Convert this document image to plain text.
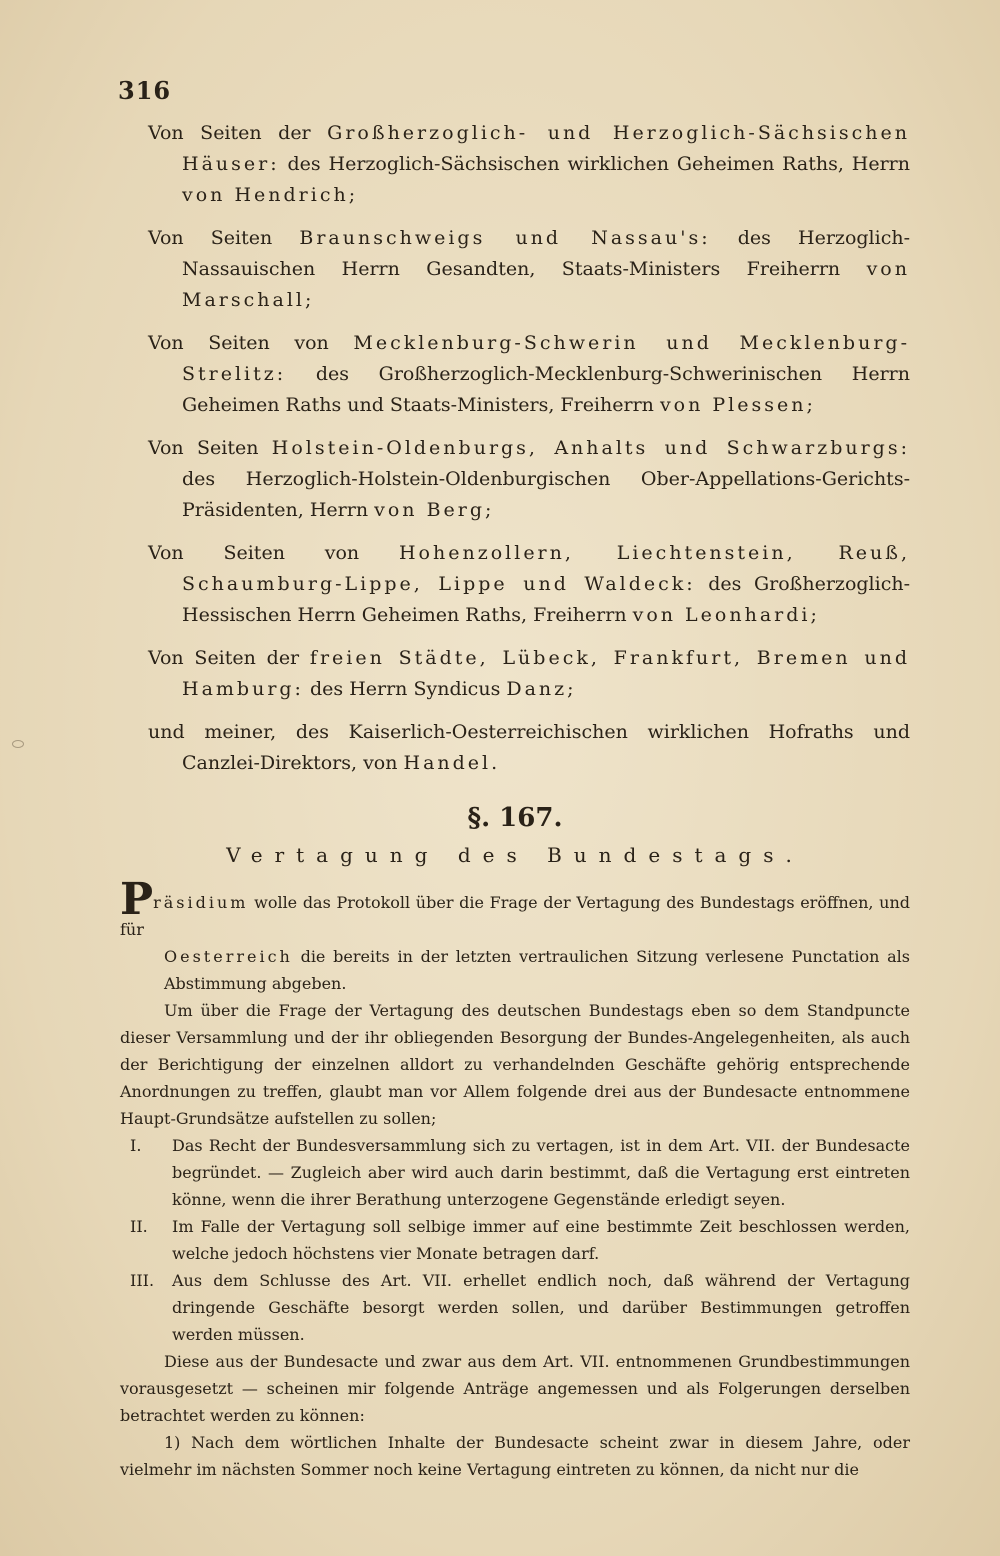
316

Von Seiten der Großherzoglich- und Herzoglich-Sächsischen Häuser: des Herzoglich-Sächsischen wirklichen Geheimen Raths, Herrn von Hendrich;

Von Seiten Braunschweigs und Nassau's: des Herzoglich-Nassauischen Herrn Gesandten, Staats-Ministers Freiherrn von Marschall;

Von Seiten von Mecklenburg-Schwerin und Mecklenburg-Strelitz: des Großherzoglich-Mecklenburg-Schwerinischen Herrn Geheimen Raths und Staats-Ministers, Freiherrn von Plessen;

Von Seiten Holstein-Oldenburgs, Anhalts und Schwarzburgs: des Herzoglich-Holstein-Oldenburgischen Ober-Appellations-Gerichts-Präsidenten, Herrn von Berg;

Von Seiten von Hohenzollern, Liechtenstein, Reuß, Schaumburg-Lippe, Lippe und Waldeck: des Großherzoglich-Hessischen Herrn Geheimen Raths, Freiherrn von Leonhardi;

Von Seiten der freien Städte, Lübeck, Frankfurt, Bremen und Hamburg: des Herrn Syndicus Danz;

und meiner, des Kaiserlich-Oesterreichischen wirklichen Hofraths und Canzlei-Direktors, von Handel.

§. 167.
Vertagung des Bundestags.

Präsidium wolle das Protokoll über die Frage der Vertagung des Bundestags eröffnen, und für

Oesterreich die bereits in der letzten vertraulichen Sitzung verlesene Punctation als Abstimmung abgeben.

Um über die Frage der Vertagung des deutschen Bundestags eben so dem Standpuncte dieser Versammlung und der ihr obliegenden Besorgung der Bundes-Angelegenheiten, als auch der Berichtigung der einzelnen alldort zu verhandelnden Geschäfte gehörig entsprechende Anordnungen zu treffen, glaubt man vor Allem folgende drei aus der Bundesacte entnommene Haupt-Grundsätze aufstellen zu sollen;

I. Das Recht der Bundesversammlung sich zu vertagen, ist in dem Art. VII. der Bundesacte begründet. — Zugleich aber wird auch darin bestimmt, daß die Vertagung erst eintreten könne, wenn die ihrer Berathung unterzogene Gegenstände erledigt seyen.
II. Im Falle der Vertagung soll selbige immer auf eine bestimmte Zeit beschlossen werden, welche jedoch höchstens vier Monate betragen darf.
III. Aus dem Schlusse des Art. VII. erhellet endlich noch, daß während der Vertagung dringende Geschäfte besorgt werden sollen, und darüber Bestimmungen getroffen werden müssen.

Diese aus der Bundesacte und zwar aus dem Art. VII. entnommenen Grundbestimmungen vorausgesetzt — scheinen mir folgende Anträge angemessen und als Folgerungen derselben betrachtet werden zu können:

1) Nach dem wörtlichen Inhalte der Bundesacte scheint zwar in diesem Jahre, oder vielmehr im nächsten Sommer noch keine Vertagung eintreten zu können, da nicht nur die
